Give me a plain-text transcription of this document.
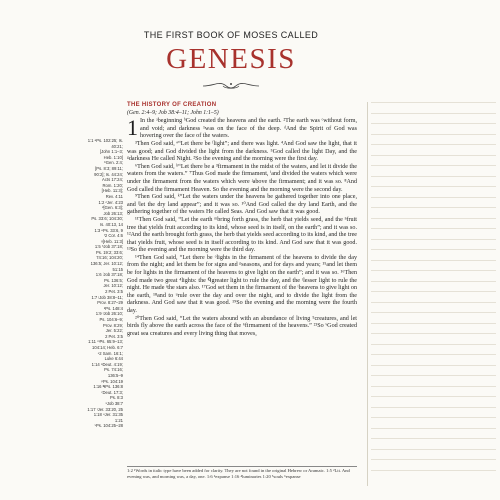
THE FIRST BOOK OF MOSES CALLED
GENESIS
1:1 ᵃPs. 102:25; Is. 40:21;
[John 1:1–3;
Heb. 1:10]
ᵇGen. 2:4;
[Ps. 8:3; 89:11;
90:2]; Is. 44:24;
Acts 17:24;
Rom. 1:20;
[Heb. 11:3];
Rev. 4:11
1:2 ᶜJer. 4:23
ᵈ[Gen. 6:3];
Job 26:13;
Ps. 33:6; 104:30;
Is. 40:13, 14
1:3 ᵉPs. 33:6, 9
ᶠ2 Cor. 4:6
ᵍ[Heb. 11:3]
1:5 ʰJob 37:18;
Ps. 19:2; 33:6;
74:16; 104:20;
136:5; Jer. 10:12;
51:15
1:6 ⁱJob 37:18;
Ps. 136:5;
Jer. 10:12;
2 Pet. 3:5
1:7 ʲJob 38:8–11;
Prov. 8:27–29
ᵏPs. 148:4
1:9 ˡJob 26:10;
Ps. 104:6–9;
Prov. 8:29;
Jer. 5:22;
2 Pet. 3:5
1:11 ᵐPs. 65:9–13;
104:14; Heb. 6:7
ⁿ2 Sam. 16:1;
Luke 6:44
1:14 ᵒDeut. 4:19;
Ps. 74:16;
136:5–9
ᵖPs. 104:19
1:16 ᑫPs. 136:8
ʳDeut. 17:3;
Ps. 8:3
ˢJob 38:7
1:17 ᵗJer. 33:20, 25
1:18 ᵘJer. 31:35
1:21
ᵛPs. 104:25–28
THE HISTORY OF CREATION
(Gen. 2:4–9; Job 38:4–11; John 1:1–5)

1 In the ᵃbeginning ᵇGod created the heavens and the earth. ²The earth was ᶜwithout form, and void; and darkness ¹was on the face of the deep. ᵈAnd the Spirit of God was hovering over the face of the waters.

³Then God said, ᵉ“Let there be ᶠlight”; and there was light. ⁴And God saw the light, that it was good; and God divided the light from the darkness. ⁵God called the light Day, and the ᵍdarkness He called Night. ²So the evening and the morning were the first day.

⁶Then God said, ʰ“Let there be a ³firmament in the midst of the waters, and let it divide the waters from the waters.” ⁷Thus God made the firmament, ⁱand divided the waters which were under the firmament from the waters which were ʲabove the firmament; and it was so. ⁸And God called the firmament Heaven. So the evening and the morning were the second day.

⁹Then God said, ᵏ“Let the waters under the heavens be gathered together into one place, and ˡlet the dry land appear”; and it was so. ¹⁰And God called the dry land Earth, and the gathering together of the waters He called Seas. And God saw that it was good.

¹¹Then God said, “Let the earth ᵐbring forth grass, the herb that yields seed, and the ⁿfruit tree that yields fruit according to its kind, whose seed is in itself, on the earth”; and it was so. ¹²And the earth brought forth grass, the herb that yields seed according to its kind, and the tree that yields fruit, whose seed is in itself according to its kind. And God saw that it was good. ¹³So the evening and the morning were the third day.

¹⁴Then God said, “Let there be ᵒlights in the firmament of the heavens to divide the day from the night; and let them be for signs and ᵖseasons, and for days and years; ¹⁵and let them be for lights in the firmament of the heavens to give light on the earth”; and it was so. ¹⁶Then God made two great ⁴lights: the ᑫgreater light to rule the day, and the ʳlesser light to rule the night. He made ˢthe stars also. ¹⁷God set them in the firmament of the ᵗheavens to give light on the earth, ¹⁸and to ᵘrule over the day and over the night, and to divide the light from the darkness. And God saw that it was good. ¹⁹So the evening and the morning were the fourth day.

²⁰Then God said, “Let the waters abound with an abundance of living ⁵creatures, and let birds fly above the earth across the face of the ⁶firmament of the heavens.” ²¹So ᵛGod created great sea creatures and every living thing that moves,

1:2 ¹Words in italic type have been added for clarity. They are not found in the original Hebrew or Aramaic. 1:5 ²Lit. And evening was, and morning was, a day, one. 1:6 ³expanse 1:16 ⁴luminaries 1:20 ⁵souls ⁶expanse
